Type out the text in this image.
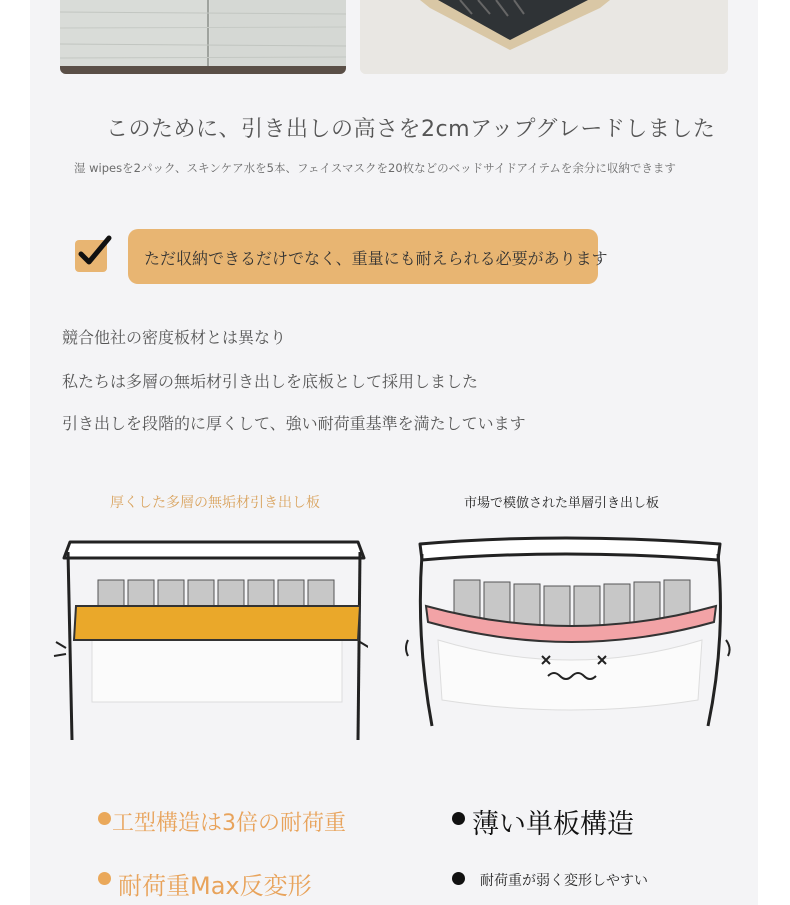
このために、引き出しの高さを2cmアップグレードしました
湿 wipesを2パック、スキンケア水を5本、フェイスマスクを20枚などのベッドサイドアイテムを余分に収納できます
ただ収納できるだけでなく、重量にも耐えられる必要があります
競合他社の密度板材とは異なり
私たちは多層の無垢材引き出しを底板として採用しました
引き出しを段階的に厚くして、強い耐荷重基準を満たしています
厚くした多層の無垢材引き出し板	市場で模倣された単層引き出し板
工型構造は3倍の耐荷重
耐荷重Max反変形
薄い単板構造
耐荷重が弱く変形しやすい
